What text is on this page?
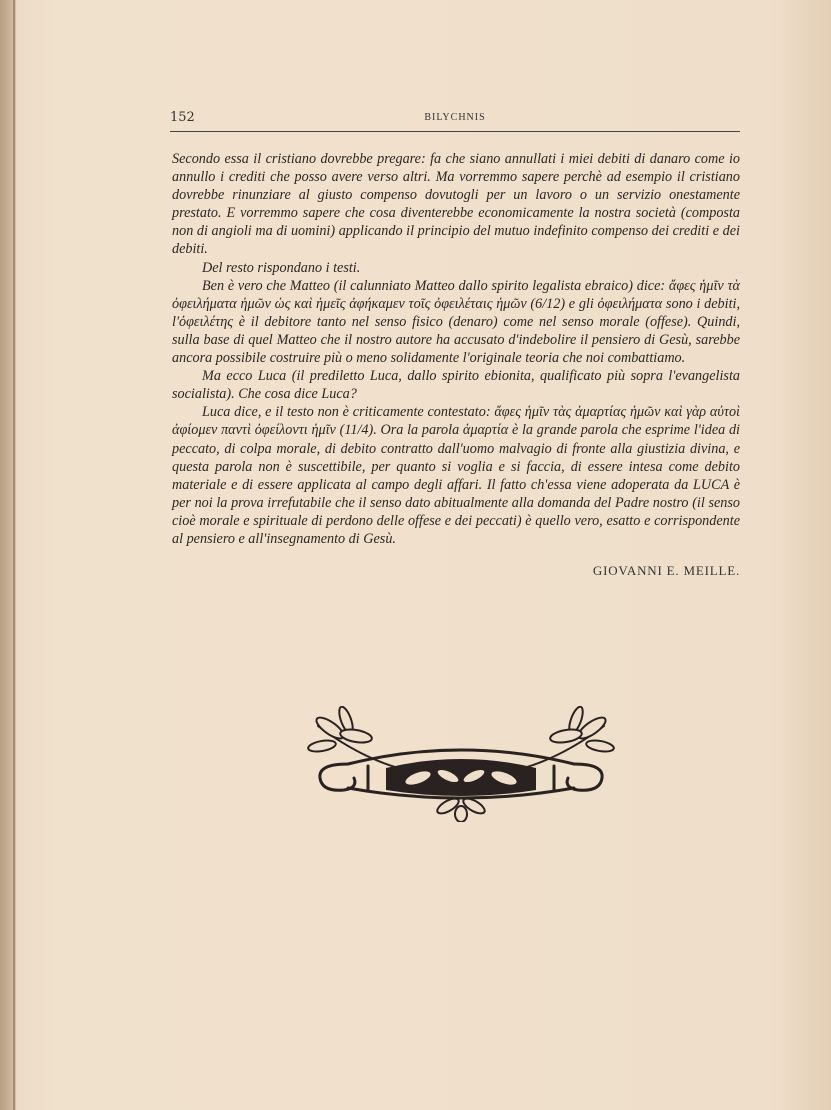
152	BILYCHNIS

Secondo essa il cristiano dovrebbe pregare: fa che siano annullati i miei debiti di danaro come io annullo i crediti che posso avere verso altri. Ma vorremmo sapere perchè ad esempio il cristiano dovrebbe rinunziare al giusto compenso dovutogli per un lavoro o un servizio onestamente prestato. E vorremmo sapere che cosa diventerebbe economicamente la nostra società (composta non di angioli ma di uomini) applicando il principio del mutuo indefinito compenso dei crediti e dei debiti.

Del resto rispondano i testi.

Ben è vero che Matteo (il calunniato Matteo dallo spirito legalista ebraico) dice: ἄφες ἡμῖν τὰ ὀφειλήματα ἡμῶν ὡς καὶ ἡμεῖς ἀφήκαμεν τοῖς ὀφειλέταις ἡμῶν (6/12) e gli ὀφειλήματα sono i debiti, l'ὀφειλέτης è il debitore tanto nel senso fisico (denaro) come nel senso morale (offese). Quindi, sulla base di quel Matteo che il nostro autore ha accusato d'indebolire il pensiero di Gesù, sarebbe ancora possibile costruire più o meno solidamente l'originale teoria che noi combattiamo.

Ma ecco Luca (il prediletto Luca, dallo spirito ebionita, qualificato più sopra l'evangelista socialista). Che cosa dice Luca?

Luca dice, e il testo non è criticamente contestato: ἄφες ἡμῖν τὰς ἁμαρτίας ἡμῶν καὶ γὰρ αὐτοὶ ἀφίομεν παντὶ ὀφείλοντι ἡμῖν (11/4). Ora la parola ἁμαρτία è la grande parola che esprime l'idea di peccato, di colpa morale, di debito contratto dall'uomo malvagio di fronte alla giustizia divina, e questa parola non è suscettibile, per quanto si voglia e si faccia, di essere intesa come debito materiale e di essere applicata al campo degli affari. Il fatto ch'essa viene adoperata da LUCA è per noi la prova irrefutabile che il senso dato abitualmente alla domanda del Padre nostro (il senso cioè morale e spirituale di perdono delle offese e dei peccati) è quello vero, esatto e corrispondente al pensiero e all'insegnamento di Gesù.

GIOVANNI E. MEILLE.
